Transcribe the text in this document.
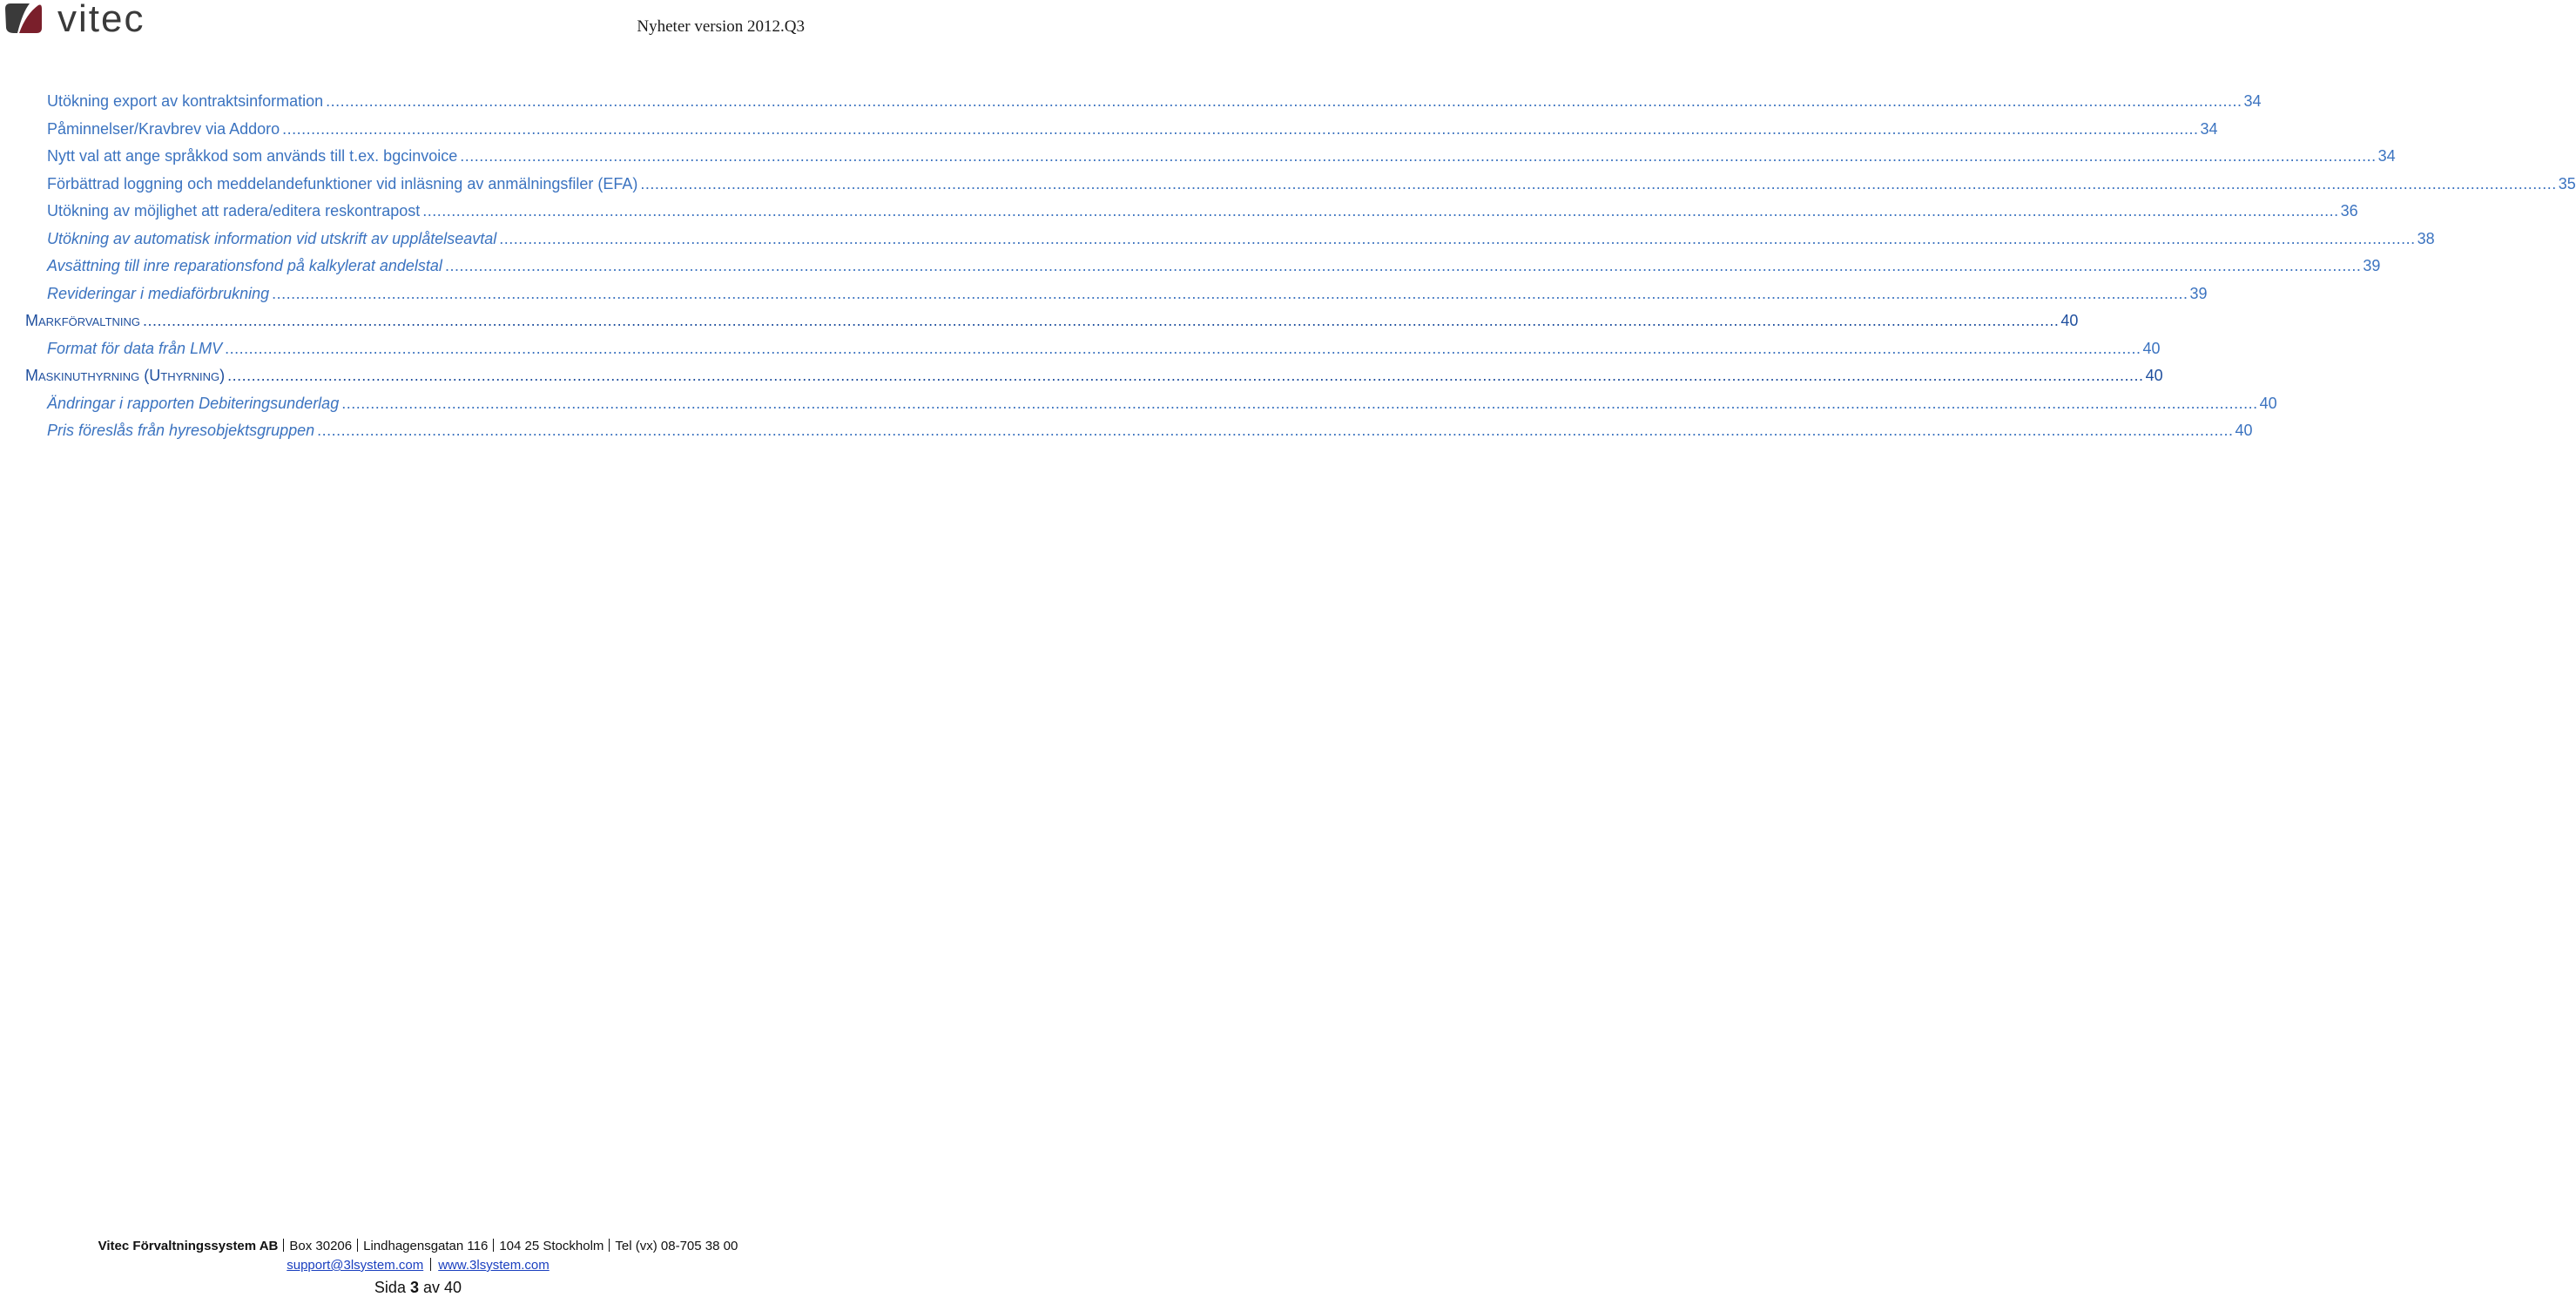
vitec	Nyheter version 2012.Q3
Utökning export av kontraktsinformation ................................................................................................................................................................................................................................................................................................................................................................................................................ 34
Påminnelser/Kravbrev via Addoro ................................................................................................................................................................................................................................................................................................................................................................................................................ 34
Nytt val att ange språkkod som används till t.ex. bgcinvoice ................................................................................................................................................................................................................................................................................................................................................................................................................ 34
Förbättrad loggning och meddelandefunktioner vid inläsning av anmälningsfiler (EFA) ................................................................................................................................................................................................................................................................................................................................................................................................................ 35
Utökning av möjlighet att radera/editera reskontrapost ................................................................................................................................................................................................................................................................................................................................................................................................................ 36
Utökning av automatisk information vid utskrift av upplåtelseavtal ................................................................................................................................................................................................................................................................................................................................................................................................................ 38
Avsättning till inre reparationsfond på kalkylerat andelstal ................................................................................................................................................................................................................................................................................................................................................................................................................ 39
Revideringar i mediaförbrukning ................................................................................................................................................................................................................................................................................................................................................................................................................ 39
Markförvaltning ................................................................................................................................................................................................................................................................................................................................................................................................................ 40
Format för data från LMV ................................................................................................................................................................................................................................................................................................................................................................................................................ 40
Maskinuthyrning (Uthyrning) ................................................................................................................................................................................................................................................................................................................................................................................................................ 40
Ändringar i rapporten Debiteringsunderlag ................................................................................................................................................................................................................................................................................................................................................................................................................ 40
Pris föreslås från hyresobjektsgruppen ................................................................................................................................................................................................................................................................................................................................................................................................................ 40
Vitec Förvaltningssystem AB Box 30206 Lindhagensgatan 116 104 25 Stockholm Tel (vx) 08-705 38 00
support@3lsystem.com www.3lsystem.com
Sida 3 av 40
